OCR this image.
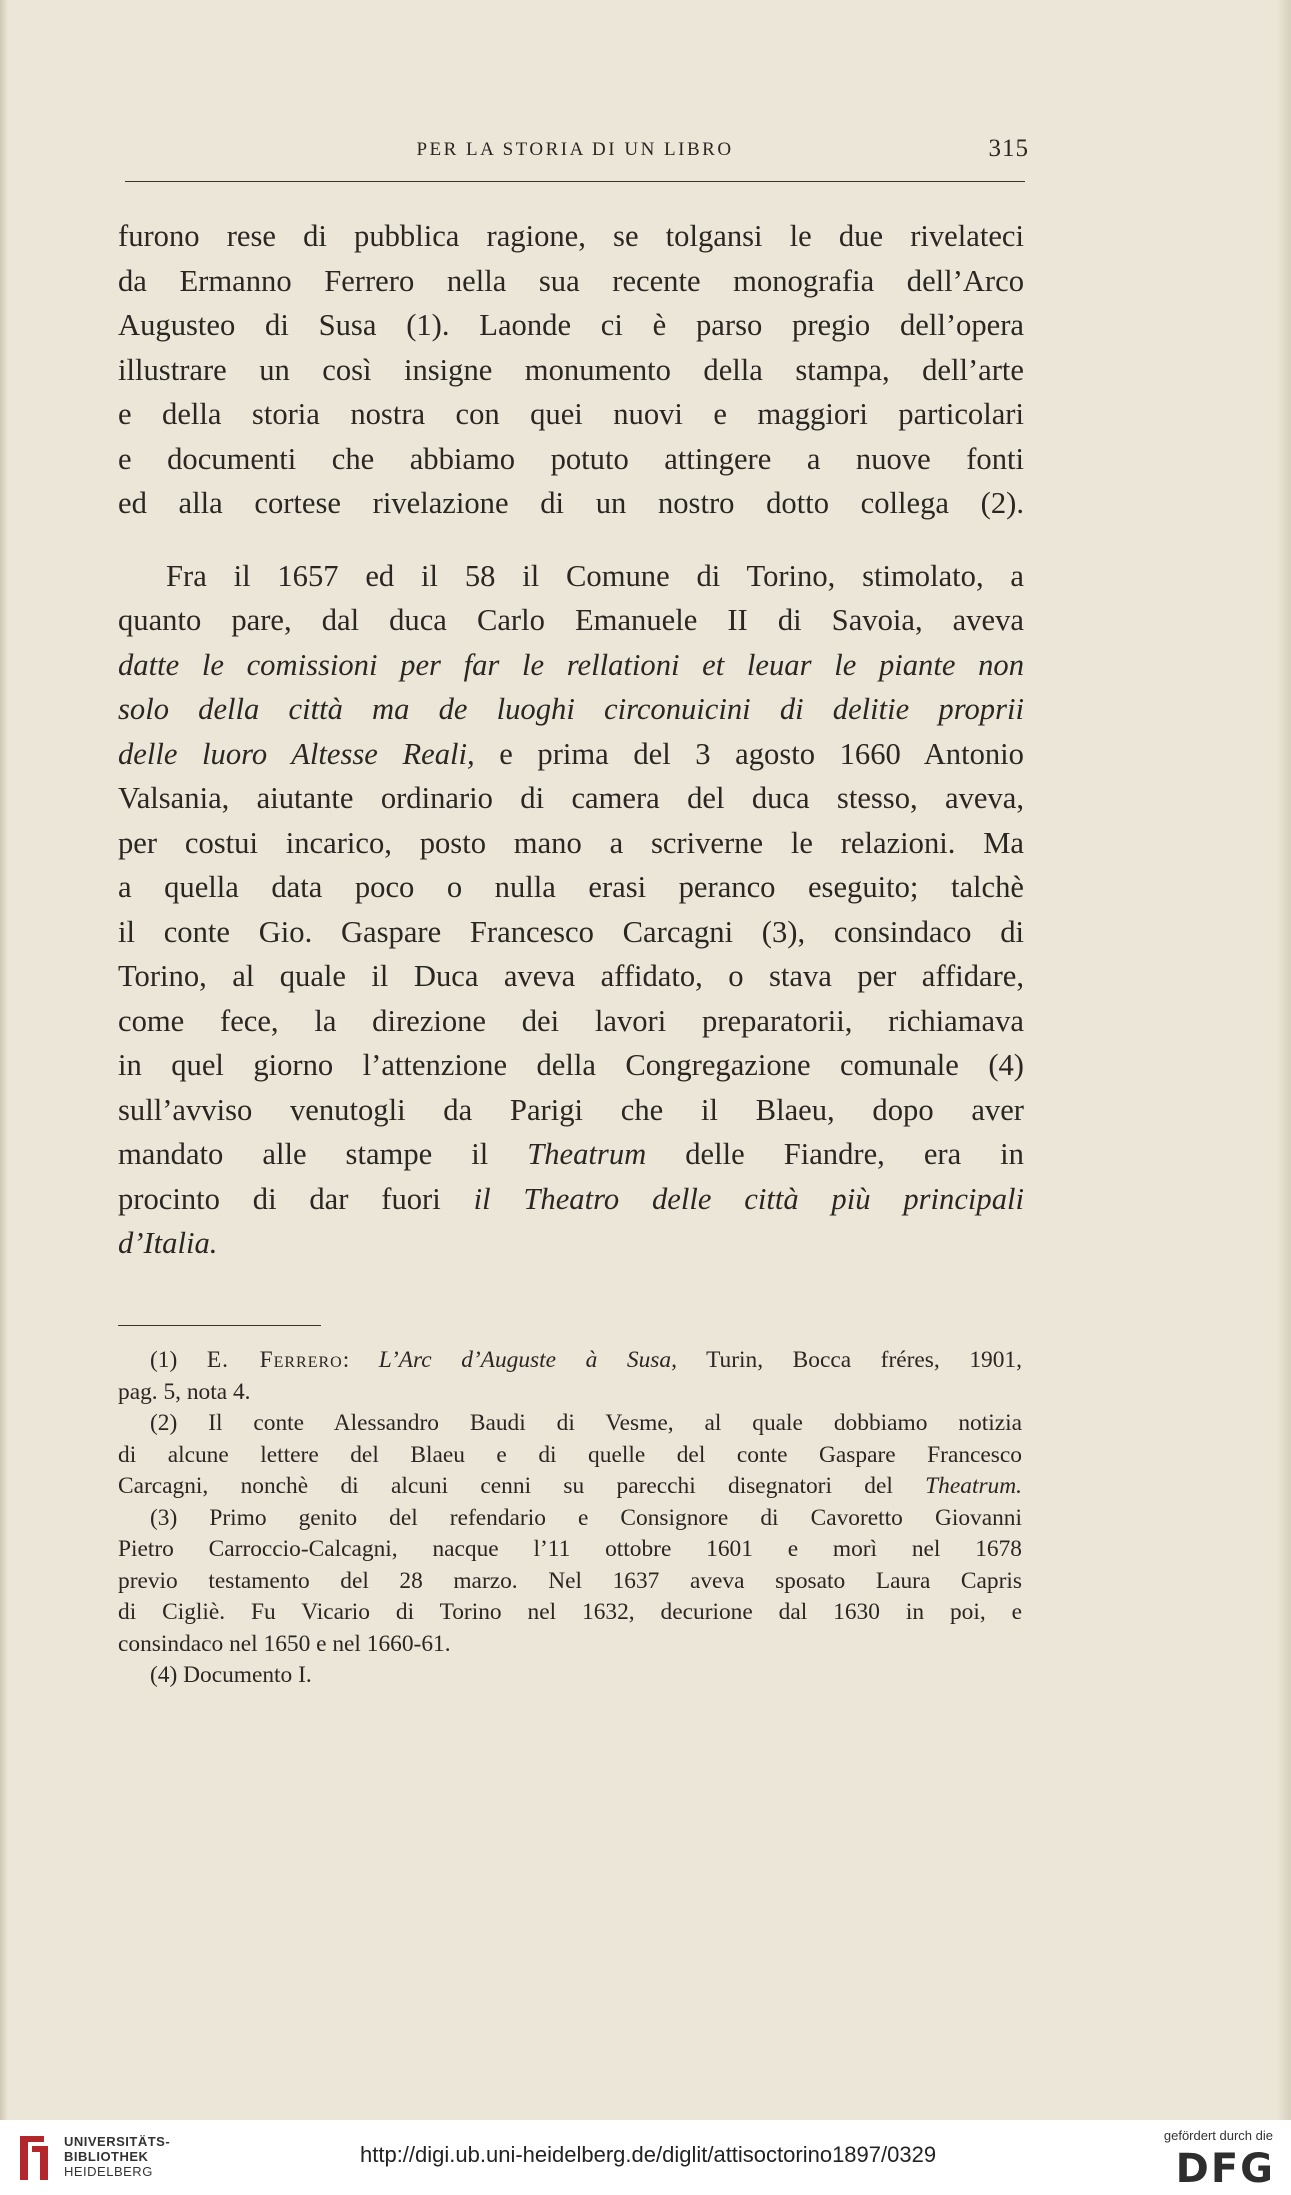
PER LA STORIA DI UN LIBRO	315

furono rese di pubblica ragione, se tolgansi le due rivelateci
da Ermanno Ferrero nella sua recente monografia dell’Arco
Augusteo di Susa (1). Laonde ci è parso pregio dell’opera
illustrare un così insigne monumento della stampa, dell’arte
e della storia nostra con quei nuovi e maggiori particolari
e documenti che abbiamo potuto attingere a nuove fonti
ed alla cortese rivelazione di un nostro dotto collega (2).

Fra il 1657 ed il 58 il Comune di Torino, stimolato, a
quanto pare, dal duca Carlo Emanuele II di Savoia, aveva
datte le comissioni per far le rellationi et leuar le piante non
solo della città ma de luoghi circonuicini di delitie proprii
delle luoro Altesse Reali, e prima del 3 agosto 1660 Antonio
Valsania, aiutante ordinario di camera del duca stesso, aveva,
per costui incarico, posto mano a scriverne le relazioni. Ma
a quella data poco o nulla erasi peranco eseguito; talchè
il conte Gio. Gaspare Francesco Carcagni (3), consindaco di
Torino, al quale il Duca aveva affidato, o stava per affidare,
come fece, la direzione dei lavori preparatorii, richiamava
in quel giorno l’attenzione della Congregazione comunale (4)
sull’avviso venutogli da Parigi che il Blaeu, dopo aver
mandato alle stampe il Theatrum delle Fiandre, era in
procinto di dar fuori il Theatro delle città più principali
d’Italia.

(1) E. Ferrero: L’Arc d’Auguste à Susa, Turin, Bocca fréres, 1901,
pag. 5, nota 4.
(2) Il conte Alessandro Baudi di Vesme, al quale dobbiamo notizia
di alcune lettere del Blaeu e di quelle del conte Gaspare Francesco
Carcagni, nonchè di alcuni cenni su parecchi disegnatori del Theatrum.
(3) Primo genito del refendario e Consignore di Cavoretto Giovanni
Pietro Carroccio-Calcagni, nacque l’11 ottobre 1601 e morì nel 1678
previo testamento del 28 marzo. Nel 1637 aveva sposato Laura Capris
di Cigliè. Fu Vicario di Torino nel 1632, decurione dal 1630 in poi, e
consindaco nel 1650 e nel 1660-61.
(4) Documento I.
UNIVERSITÄTS-
BIBLIOTHEK
HEIDELBERG
http://digi.ub.uni-heidelberg.de/diglit/attisoctorino1897/0329
gefördert durch die
DFG
